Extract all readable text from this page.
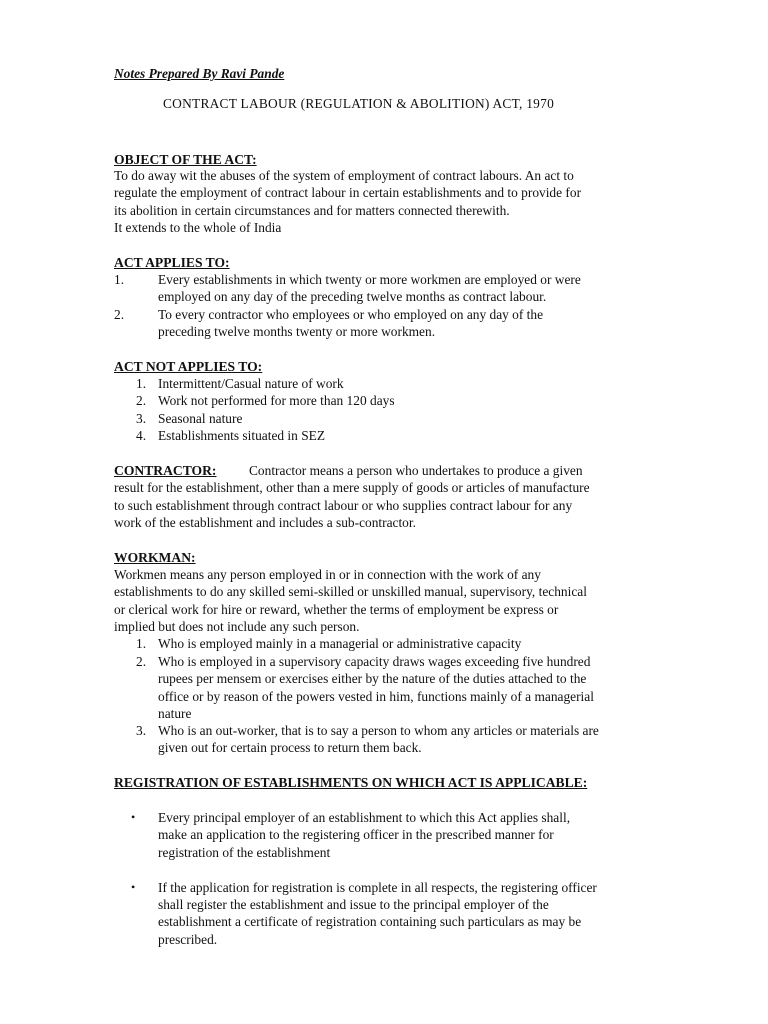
Notes Prepared By Ravi Pande
CONTRACT LABOUR (REGULATION & ABOLITION) ACT, 1970
OBJECT OF THE ACT:
To do away wit the abuses of the system of employment of contract labours. An act to
regulate the employment of contract labour in certain establishments and to provide for
its abolition in certain circumstances and for matters connected therewith.
It extends to the whole of India
ACT APPLIES TO:
1.	Every establishments in which twenty or more workmen are employed or were
employed on any day of the preceding twelve months as contract labour.
2.	To every contractor who employees or who employed on any day of the
preceding twelve months twenty or more workmen.
ACT NOT APPLIES TO:
1. Intermittent/Casual nature of work
2. Work not performed for more than 120 days
3. Seasonal nature
4. Establishments situated in SEZ
CONTRACTOR: Contractor means a person who undertakes to produce a given
result for the establishment, other than a mere supply of goods or articles of manufacture
to such establishment through contract labour or who supplies contract labour for any
work of the establishment and includes a sub-contractor.
WORKMAN:
Workmen means any person employed in or in connection with the work of any
establishments to do any skilled semi-skilled or unskilled manual, supervisory, technical
or clerical work for hire or reward, whether the terms of employment be express or
implied but does not include any such person.
1. Who is employed mainly in a managerial or administrative capacity
2. Who is employed in a supervisory capacity draws wages exceeding five hundred
rupees per mensem or exercises either by the nature of the duties attached to the
office or by reason of the powers vested in him, functions mainly of a managerial
nature
3. Who is an out-worker, that is to say a person to whom any articles or materials are
given out for certain process to return them back.
REGISTRATION OF ESTABLISHMENTS ON WHICH ACT IS APPLICABLE:
• Every principal employer of an establishment to which this Act applies shall,
make an application to the registering officer in the prescribed manner for
registration of the establishment
• If the application for registration is complete in all respects, the registering officer
shall register the establishment and issue to the principal employer of the
establishment a certificate of registration containing such particulars as may be
prescribed.
